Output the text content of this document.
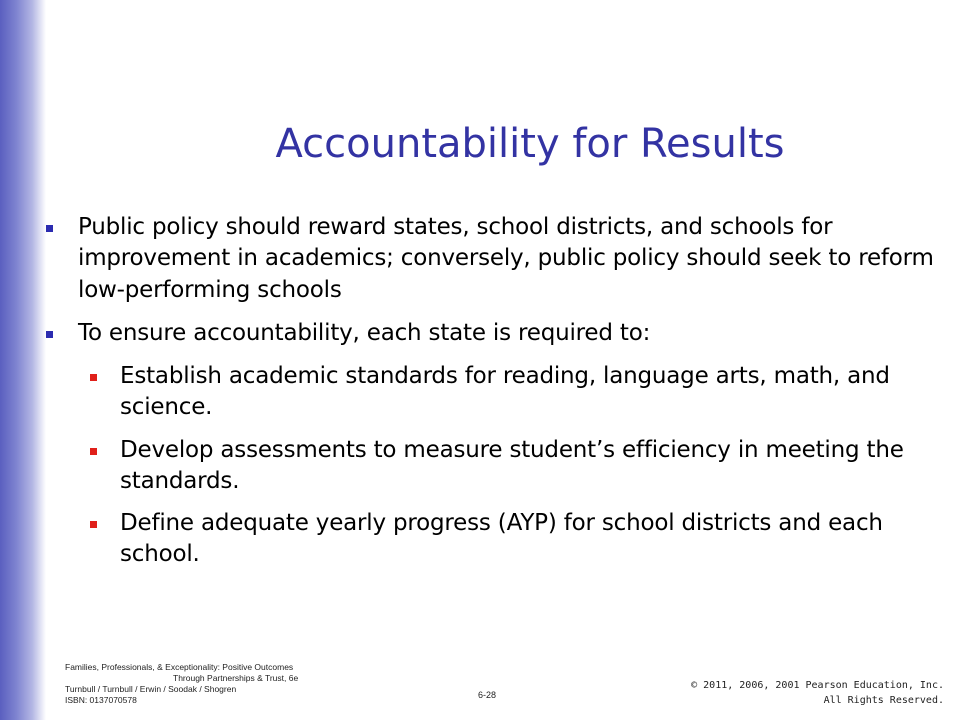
Accountability for Results
Public policy should reward states, school districts, and schools for improvement in academics; conversely, public policy should seek to reform low-performing schools
To ensure accountability, each state is required to:
Establish academic standards for reading, language arts, math, and science.
Develop assessments to measure student’s efficiency in meeting the standards.
Define adequate yearly progress (AYP) for school districts and each school.
Families, Professionals, & Exceptionality: Positive Outcomes

Through Partnerships & Trust, 6e
Turnbull / Turnbull / Erwin / Soodak / Shogren
ISBN: 0137070578	6-28
© 2011, 2006, 2001 Pearson Education, Inc.
All Rights Reserved.
